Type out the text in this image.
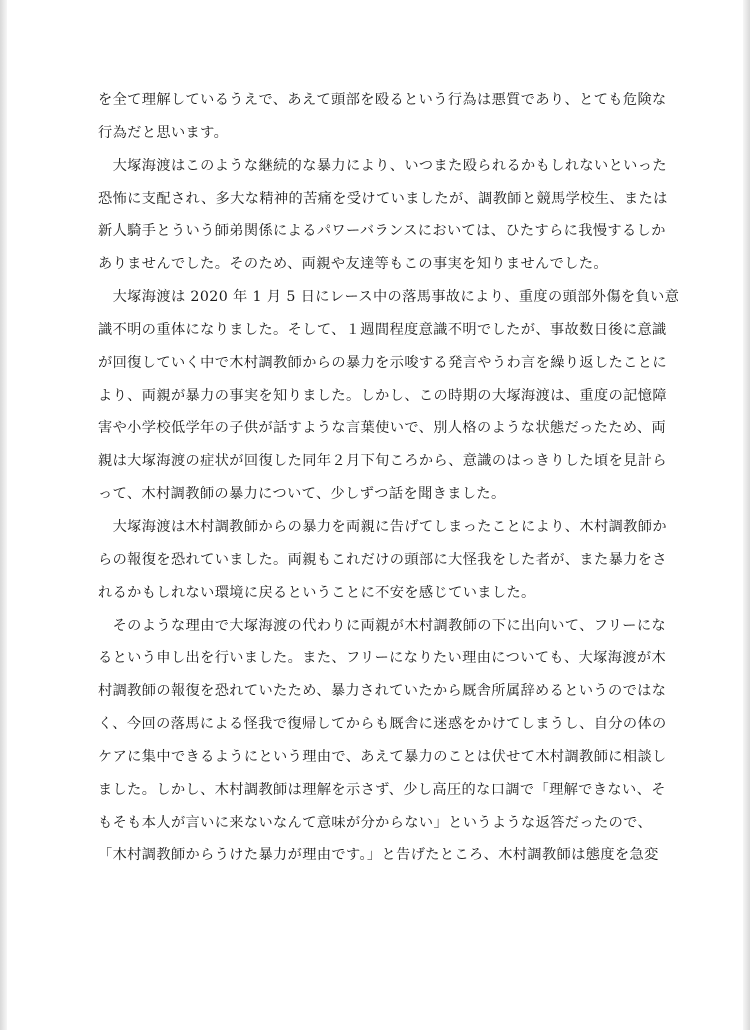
を全て理解しているうえで、あえて頭部を殴るという行為は悪質であり、とても危険な
行為だと思います。
　大塚海渡はこのような継続的な暴力により、いつまた殴られるかもしれないといった
恐怖に支配され、多大な精神的苦痛を受けていましたが、調教師と競馬学校生、または
新人騎手とういう師弟関係によるパワーバランスにおいては、ひたすらに我慢するしか
ありませんでした。そのため、両親や友達等もこの事実を知りませんでした。
　大塚海渡は 2020 年 1 月 5 日にレース中の落馬事故により、重度の頭部外傷を負い意
識不明の重体になりました。そして、１週間程度意識不明でしたが、事故数日後に意識
が回復していく中で木村調教師からの暴力を示唆する発言やうわ言を繰り返したことに
より、両親が暴力の事実を知りました。しかし、この時期の大塚海渡は、重度の記憶障
害や小学校低学年の子供が話すような言葉使いで、別人格のような状態だったため、両
親は大塚海渡の症状が回復した同年２月下旬ころから、意識のはっきりした頃を見計ら
って、木村調教師の暴力について、少しずつ話を聞きました。
　大塚海渡は木村調教師からの暴力を両親に告げてしまったことにより、木村調教師か
らの報復を恐れていました。両親もこれだけの頭部に大怪我をした者が、また暴力をさ
れるかもしれない環境に戻るということに不安を感じていました。
　そのような理由で大塚海渡の代わりに両親が木村調教師の下に出向いて、フリーにな
るという申し出を行いました。また、フリーになりたい理由についても、大塚海渡が木
村調教師の報復を恐れていたため、暴力されていたから厩舎所属辞めるというのではな
く、今回の落馬による怪我で復帰してからも厩舎に迷惑をかけてしまうし、自分の体の
ケアに集中できるようにという理由で、あえて暴力のことは伏せて木村調教師に相談し
ました。しかし、木村調教師は理解を示さず、少し高圧的な口調で「理解できない、そ
もそも本人が言いに来ないなんて意味が分からない」というような返答だったので、
「木村調教師からうけた暴力が理由です。」と告げたところ、木村調教師は態度を急変
